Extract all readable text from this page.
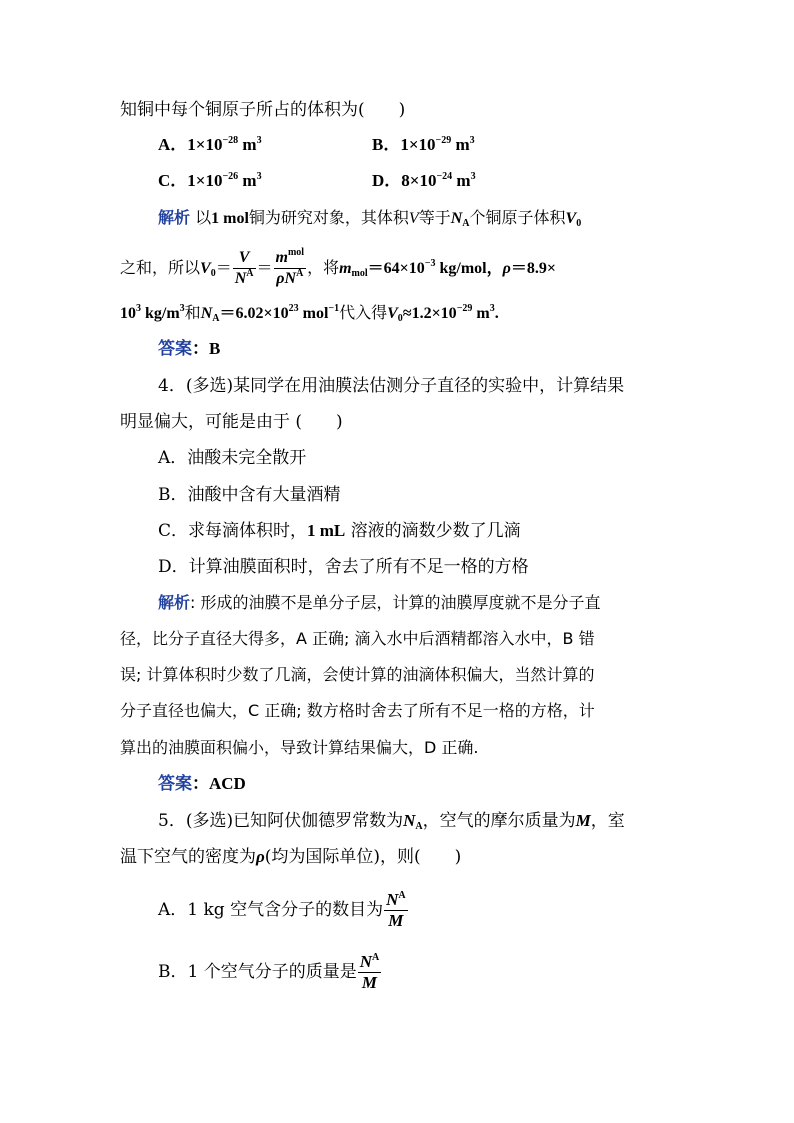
知铜中每个铜原子所占的体积为(　　)
A．$1\times 10^{-28}$ $m^3$	B．$1\times 10^{-29}$ $m^3$
C．$1\times 10^{-26}$ $m^3$	D．$8\times 10^{-24}$ $m^3$
解析 以1 mol铜为研究对象，其体积V等于$N_A$个铜原子体积$V_0$
之和，所以$V_0= \frac{V}{N^A} = \frac{m^{mol}}{\rho N^A}$ ，将$m_{mol}=64\times 10^{-3}$ kg/mol，ρ＝8.9×
$10^3$ $kg/m^3$和$N_A=6.02\times 10^{23}$ mol$^{-1}$代入得$V_0\approx 1.2\times 10^{-29}$ $m^3$.
答案：B
4．(多选)某同学在用油膜法估测分子直径的实验中，计算结果
明显偏大，可能是由于 (　　)
A．油酸未完全散开
B．油酸中含有大量酒精
C．求每滴体积时，1 mL 溶液的滴数少数了几滴
D．计算油膜面积时，舍去了所有不足一格的方格
解析: 形成的油膜不是单分子层，计算的油膜厚度就不是分子直
径，比分子直径大得多，A 正确; 滴入水中后酒精都溶入水中，B 错
误; 计算体积时少数了几滴，会使计算的油滴体积偏大，当然计算的
分子直径也偏大，C 正确; 数方格时舍去了所有不足一格的方格，计
算出的油膜面积偏小，导致计算结果偏大，D 正确.
答案：ACD
5．(多选)已知阿伏伽德罗常数为$N_A$，空气的摩尔质量为M，室
温下空气的密度为ρ(均为国际单位)，则(　　)
A．1 kg 空气含分子的数目为 $\frac{N^A}{M}$
B．1 个空气分子的质量是 $\frac{N^A}{M}$
